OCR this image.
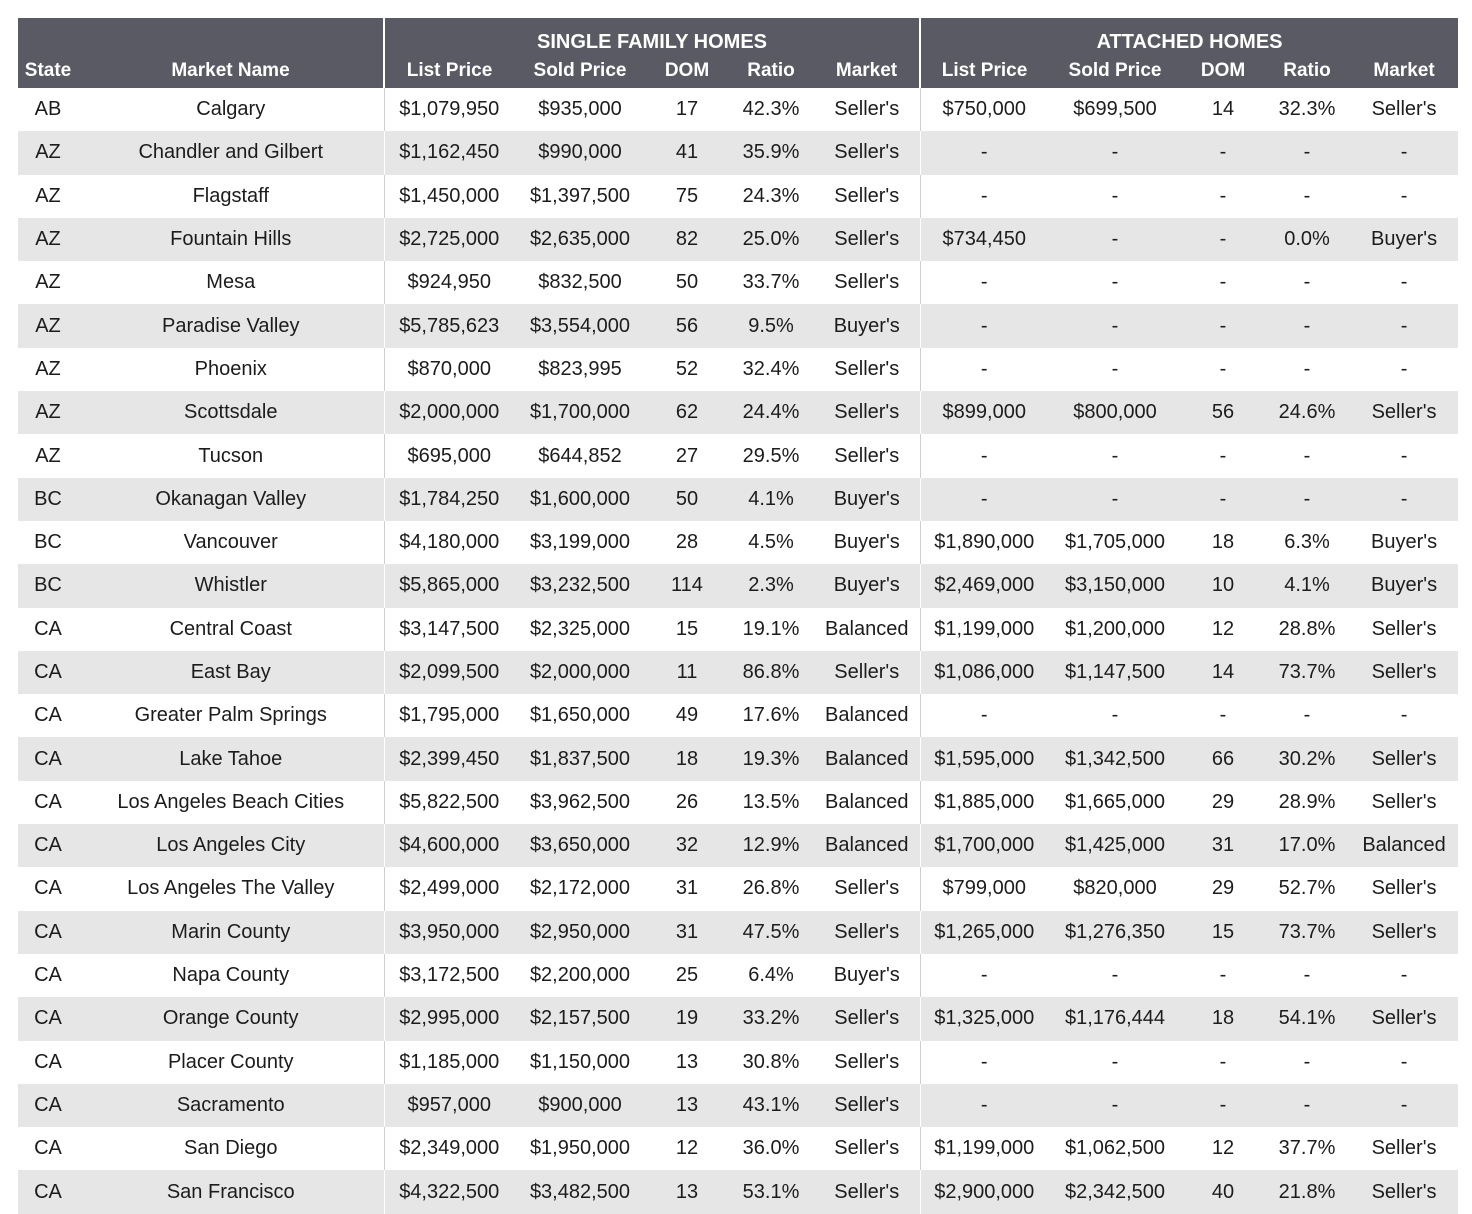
		SINGLE FAMILY HOMES					ATTACHED HOMES				
State	Market Name	List Price	Sold Price	DOM	Ratio	Market	List Price	Sold Price	DOM	Ratio	Market
AB	Calgary	$1,079,950	$935,000	17	42.3%	Seller's	$750,000	$699,500	14	32.3%	Seller's
AZ	Chandler and Gilbert	$1,162,450	$990,000	41	35.9%	Seller's	-	-	-	-	-
AZ	Flagstaff	$1,450,000	$1,397,500	75	24.3%	Seller's	-	-	-	-	-
AZ	Fountain Hills	$2,725,000	$2,635,000	82	25.0%	Seller's	$734,450	-	-	0.0%	Buyer's
AZ	Mesa	$924,950	$832,500	50	33.7%	Seller's	-	-	-	-	-
AZ	Paradise Valley	$5,785,623	$3,554,000	56	9.5%	Buyer's	-	-	-	-	-
AZ	Phoenix	$870,000	$823,995	52	32.4%	Seller's	-	-	-	-	-
AZ	Scottsdale	$2,000,000	$1,700,000	62	24.4%	Seller's	$899,000	$800,000	56	24.6%	Seller's
AZ	Tucson	$695,000	$644,852	27	29.5%	Seller's	-	-	-	-	-
BC	Okanagan Valley	$1,784,250	$1,600,000	50	4.1%	Buyer's	-	-	-	-	-
BC	Vancouver	$4,180,000	$3,199,000	28	4.5%	Buyer's	$1,890,000	$1,705,000	18	6.3%	Buyer's
BC	Whistler	$5,865,000	$3,232,500	114	2.3%	Buyer's	$2,469,000	$3,150,000	10	4.1%	Buyer's
CA	Central Coast	$3,147,500	$2,325,000	15	19.1%	Balanced	$1,199,000	$1,200,000	12	28.8%	Seller's
CA	East Bay	$2,099,500	$2,000,000	11	86.8%	Seller's	$1,086,000	$1,147,500	14	73.7%	Seller's
CA	Greater Palm Springs	$1,795,000	$1,650,000	49	17.6%	Balanced	-	-	-	-	-
CA	Lake Tahoe	$2,399,450	$1,837,500	18	19.3%	Balanced	$1,595,000	$1,342,500	66	30.2%	Seller's
CA	Los Angeles Beach Cities	$5,822,500	$3,962,500	26	13.5%	Balanced	$1,885,000	$1,665,000	29	28.9%	Seller's
CA	Los Angeles City	$4,600,000	$3,650,000	32	12.9%	Balanced	$1,700,000	$1,425,000	31	17.0%	Balanced
CA	Los Angeles The Valley	$2,499,000	$2,172,000	31	26.8%	Seller's	$799,000	$820,000	29	52.7%	Seller's
CA	Marin County	$3,950,000	$2,950,000	31	47.5%	Seller's	$1,265,000	$1,276,350	15	73.7%	Seller's
CA	Napa County	$3,172,500	$2,200,000	25	6.4%	Buyer's	-	-	-	-	-
CA	Orange County	$2,995,000	$2,157,500	19	33.2%	Seller's	$1,325,000	$1,176,444	18	54.1%	Seller's
CA	Placer County	$1,185,000	$1,150,000	13	30.8%	Seller's	-	-	-	-	-
CA	Sacramento	$957,000	$900,000	13	43.1%	Seller's	-	-	-	-	-
CA	San Diego	$2,349,000	$1,950,000	12	36.0%	Seller's	$1,199,000	$1,062,500	12	37.7%	Seller's
CA	San Francisco	$4,322,500	$3,482,500	13	53.1%	Seller's	$2,900,000	$2,342,500	40	21.8%	Seller's
